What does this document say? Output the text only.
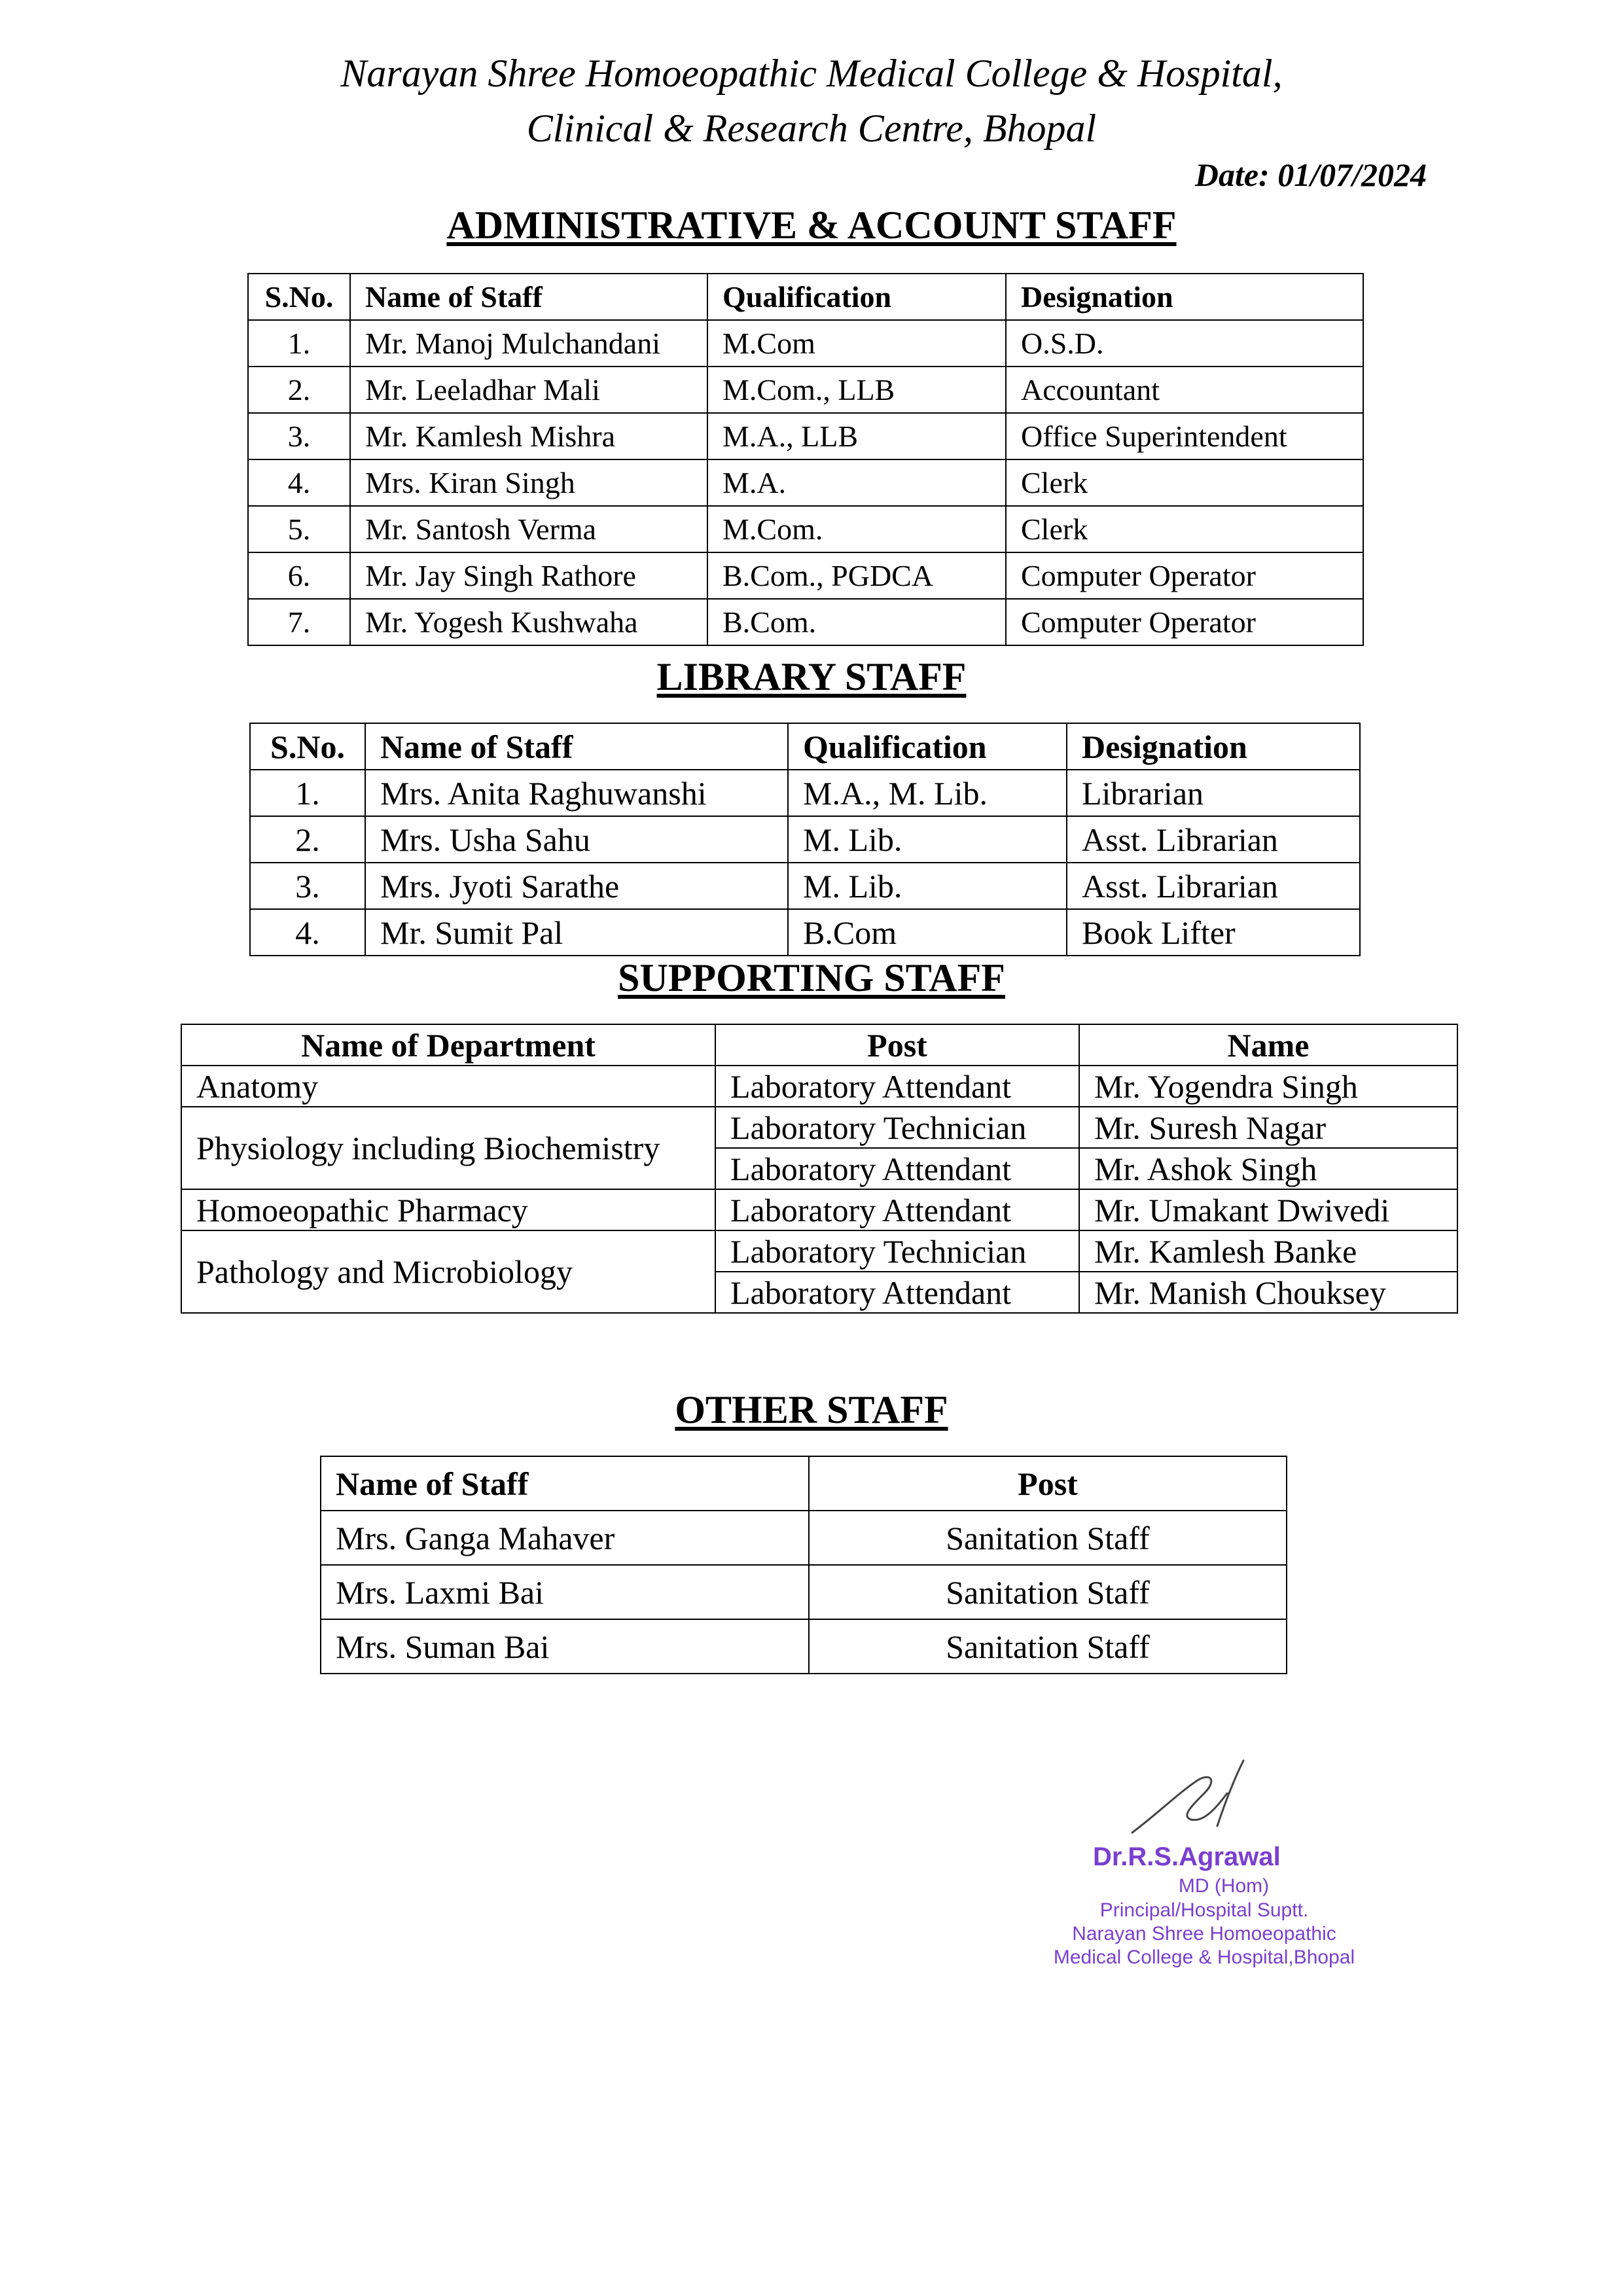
Narayan Shree Homoeopathic Medical College & Hospital,
Clinical & Research Centre, Bhopal
Date: 01/07/2024
ADMINISTRATIVE & ACCOUNT STAFF
S.No.	Name of Staff	Qualification	Designation
1.	Mr. Manoj Mulchandani	M.Com	O.S.D.
2.	Mr. Leeladhar Mali	M.Com., LLB	Accountant
3.	Mr. Kamlesh Mishra	M.A., LLB	Office Superintendent
4.	Mrs. Kiran Singh	M.A.	Clerk
5.	Mr. Santosh Verma	M.Com.	Clerk
6.	Mr. Jay Singh Rathore	B.Com., PGDCA	Computer Operator
7.	Mr. Yogesh Kushwaha	B.Com.	Computer Operator
LIBRARY STAFF
S.No.	Name of Staff	Qualification	Designation
1.	Mrs. Anita Raghuwanshi	M.A., M. Lib.	Librarian
2.	Mrs. Usha Sahu	M. Lib.	Asst. Librarian
3.	Mrs. Jyoti Sarathe	M. Lib.	Asst. Librarian
4.	Mr. Sumit Pal	B.Com	Book Lifter
SUPPORTING STAFF
Name of Department	Post	Name
Anatomy	Laboratory Attendant	Mr. Yogendra Singh
Physiology including Biochemistry	Laboratory Technician	Mr. Suresh Nagar
	Laboratory Attendant	Mr. Ashok Singh
Homoeopathic Pharmacy	Laboratory Attendant	Mr. Umakant Dwivedi
Pathology and Microbiology	Laboratory Technician	Mr. Kamlesh Banke
	Laboratory Attendant	Mr. Manish Chouksey
OTHER STAFF
Name of Staff	Post
Mrs. Ganga Mahaver	Sanitation Staff
Mrs. Laxmi Bai	Sanitation Staff
Mrs. Suman Bai	Sanitation Staff
Dr.R.S.Agrawal
MD (Hom)
Principal/Hospital Suptt.
Narayan Shree Homoeopathic
Medical College & Hospital,Bhopal
